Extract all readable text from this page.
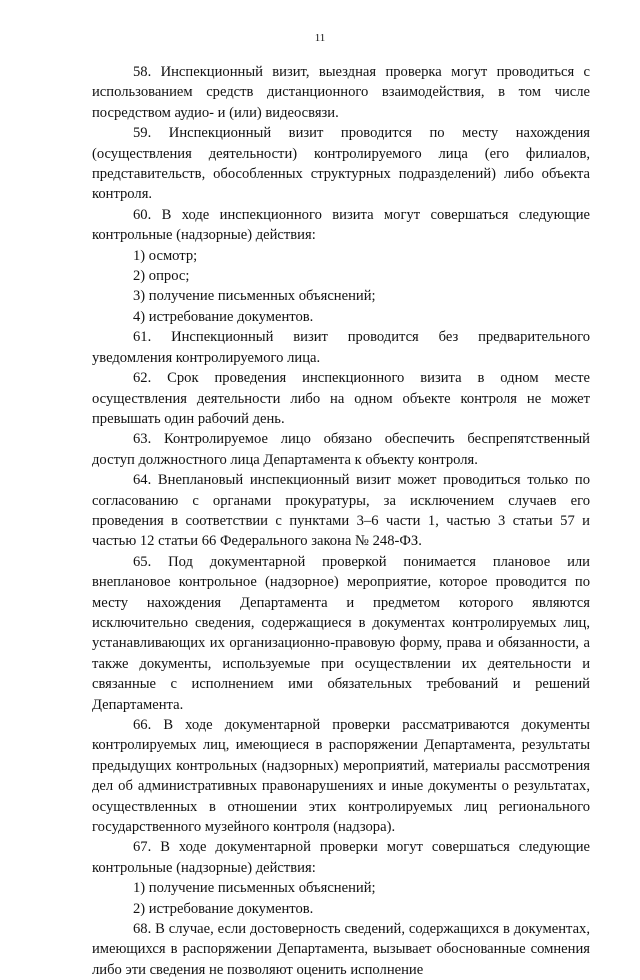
11

58. Инспекционный визит, выездная проверка могут проводиться с использованием средств дистанционного взаимодействия, в том числе посредством аудио- и (или) видеосвязи.

59. Инспекционный визит проводится по месту нахождения (осуществления деятельности) контролируемого лица (его филиалов, представительств, обособленных структурных подразделений) либо объекта контроля.

60. В ходе инспекционного визита могут совершаться следующие контрольные (надзорные) действия:

1) осмотр;

2) опрос;

3) получение письменных объяснений;

4) истребование документов.

61. Инспекционный визит проводится без предварительного уведомления контролируемого лица.

62. Срок проведения инспекционного визита в одном месте осуществления деятельности либо на одном объекте контроля не может превышать один рабочий день.

63. Контролируемое лицо обязано обеспечить беспрепятственный доступ должностного лица Департамента к объекту контроля.

64. Внеплановый инспекционный визит может проводиться только по согласованию с органами прокуратуры, за исключением случаев его проведения в соответствии с пунктами 3–6 части 1, частью 3 статьи 57 и частью 12 статьи 66 Федерального закона № 248-ФЗ.

65. Под документарной проверкой понимается плановое или внеплановое контрольное (надзорное) мероприятие, которое проводится по месту нахождения Департамента и предметом которого являются исключительно сведения, содержащиеся в документах контролируемых лиц, устанавливающих их организационно-правовую форму, права и обязанности, а также документы, используемые при осуществлении их деятельности и связанные с исполнением ими обязательных требований и решений Департамента.

66. В ходе документарной проверки рассматриваются документы контролируемых лиц, имеющиеся в распоряжении Департамента, результаты предыдущих контрольных (надзорных) мероприятий, материалы рассмотрения дел об административных правонарушениях и иные документы о результатах, осуществленных в отношении этих контролируемых лиц регионального государственного музейного контроля (надзора).

67. В ходе документарной проверки могут совершаться следующие контрольные (надзорные) действия:

1) получение письменных объяснений;

2) истребование документов.

68. В случае, если достоверность сведений, содержащихся в документах, имеющихся в распоряжении Департамента, вызывает обоснованные сомнения либо эти сведения не позволяют оценить исполнение
